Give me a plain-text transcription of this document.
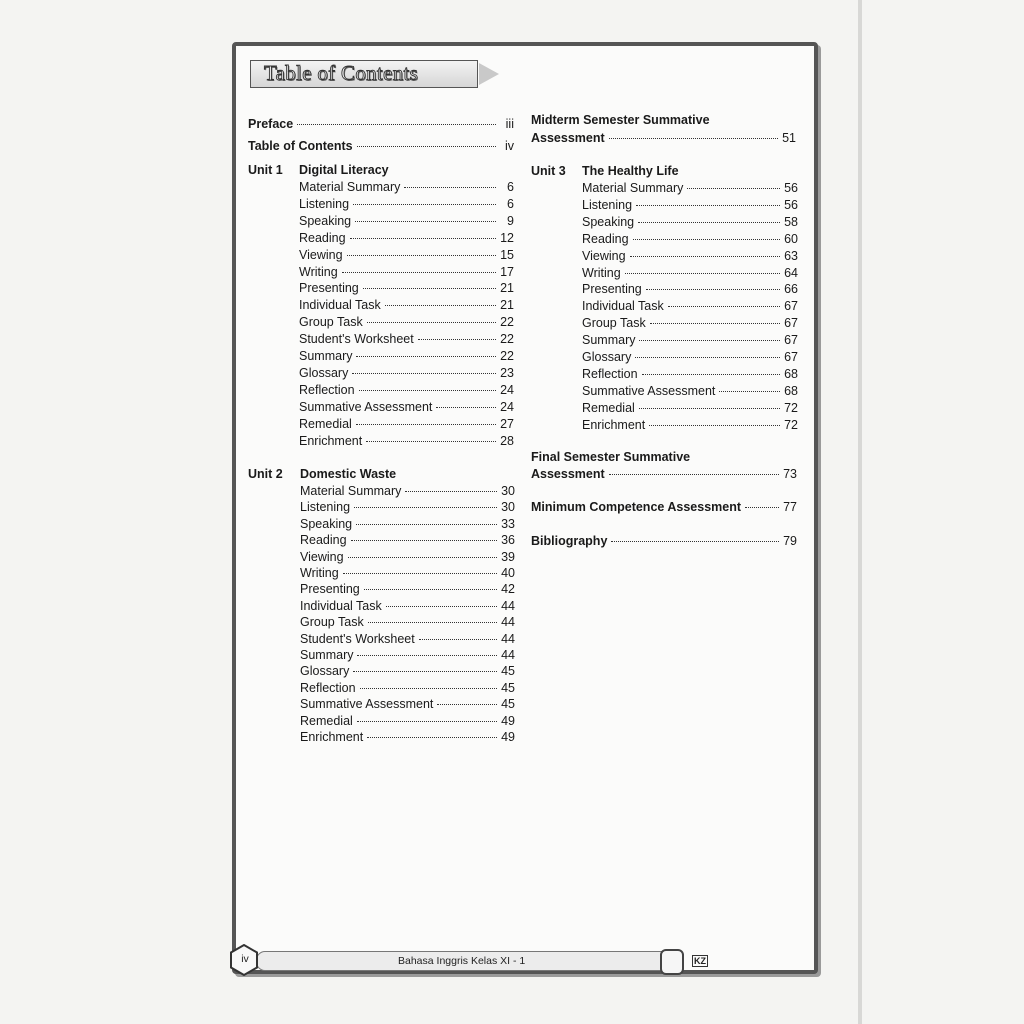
Table of Contents
Preface	iii
Table of Contents	iv
Unit 1 Digital Literacy
Material Summary	6
Listening	6
Speaking	9
Reading	12
Viewing	15
Writing	17
Presenting	21
Individual Task	21
Group Task	22
Student's Worksheet	22
Summary	22
Glossary	23
Reflection	24
Summative Assessment	24
Remedial	27
Enrichment	28
Unit 2 Domestic Waste
Material Summary	30
Listening	30
Speaking	33
Reading	36
Viewing	39
Writing	40
Presenting	42
Individual Task	44
Group Task	44
Student's Worksheet	44
Summary	44
Glossary	45
Reflection	45
Summative Assessment	45
Remedial	49
Enrichment	49
Midterm Semester Summative
Assessment	51
Unit 3 The Healthy Life
Material Summary	56
Listening	56
Speaking	58
Reading	60
Viewing	63
Writing	64
Presenting	66
Individual Task	67
Group Task	67
Summary	67
Glossary	67
Reflection	68
Summative Assessment	68
Remedial	72
Enrichment	72
Final Semester Summative
Assessment	73
Minimum Competence Assessment	77
Bibliography	79
iv	Bahasa Inggris Kelas XI - 1	KZ
